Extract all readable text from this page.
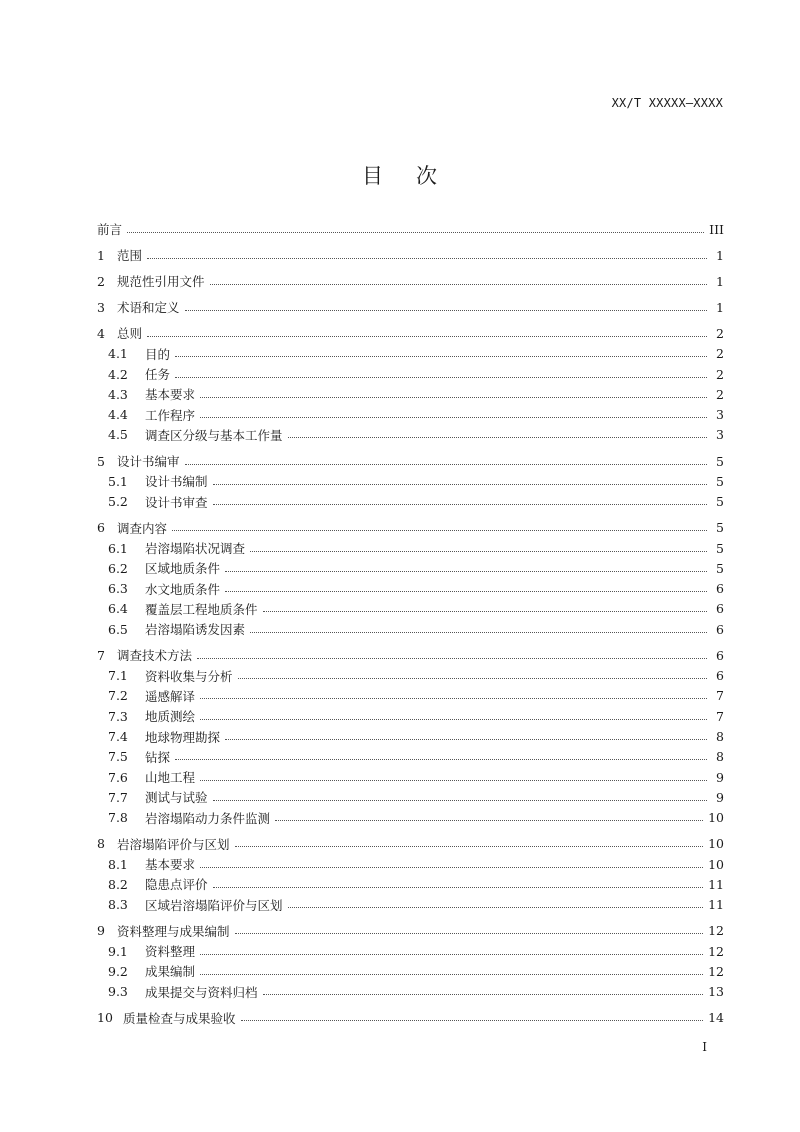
XX/T XXXXX—XXXX
目 次
前言	III
1 范围	1
2 规范性引用文件	1
3 术语和定义	1
4 总则	2
4.1	目的	2
4.2	任务	2
4.3	基本要求	2
4.4	工作程序	3
4.5	调查区分级与基本工作量	3
5 设计书编审	5
5.1	设计书编制	5
5.2	设计书审查	5
6 调查内容	5
6.1	岩溶塌陷状况调查	5
6.2	区域地质条件	5
6.3	水文地质条件	6
6.4	覆盖层工程地质条件	6
6.5	岩溶塌陷诱发因素	6
7 调查技术方法	6
7.1	资料收集与分析	6
7.2	遥感解译	7
7.3	地质测绘	7
7.4	地球物理勘探	8
7.5	钻探	8
7.6	山地工程	9
7.7	测试与试验	9
7.8	岩溶塌陷动力条件监测	10
8 岩溶塌陷评价与区划	10
8.1	基本要求	10
8.2	隐患点评价	11
8.3	区域岩溶塌陷评价与区划	11
9 资料整理与成果编制	12
9.1	资料整理	12
9.2	成果编制	12
9.3	成果提交与资料归档	13
10 质量检查与成果验收	14
I
